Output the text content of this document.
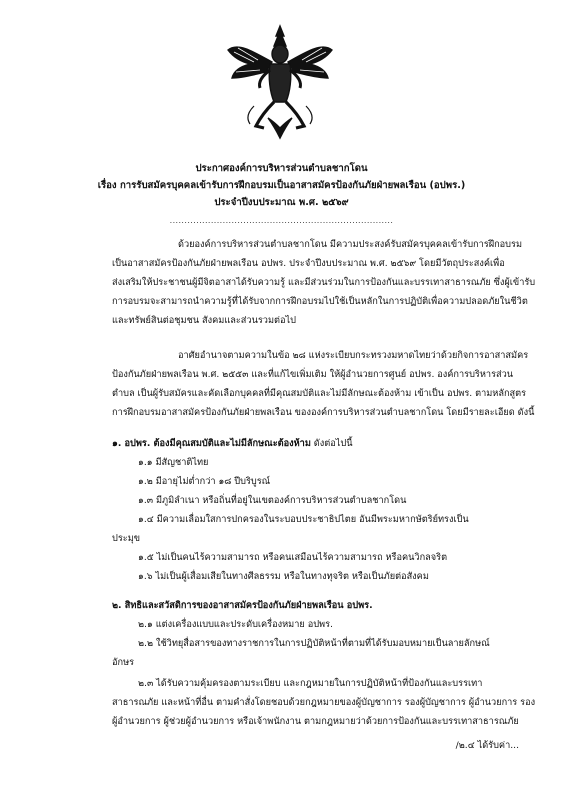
ประกาศองค์การบริหารส่วนตำบลชากโดน
เรื่อง การรับสมัครบุคคลเข้ารับการฝึกอบรมเป็นอาสาสมัครป้องกันภัยฝ่ายพลเรือน (อปพร.)
ประจำปีงบประมาณ พ.ศ. ๒๕๖๙
............................................................................
ด้วยองค์การบริหารส่วนตำบลชากโดน มีความประสงค์รับสมัครบุคคลเข้ารับการฝึกอบรม
เป็นอาสาสมัครป้องกันภัยฝ่ายพลเรือน อปพร. ประจำปีงบประมาณ พ.ศ. ๒๕๖๙ โดยมีวัตถุประสงค์เพื่อ
ส่งเสริมให้ประชาชนผู้มีจิตอาสาได้รับความรู้ และมีส่วนร่วมในการป้องกันและบรรเทาสาธารณภัย ซึ่งผู้เข้ารับ
การอบรมจะสามารถนำความรู้ที่ได้รับจากการฝึกอบรมไปใช้เป็นหลักในการปฏิบัติเพื่อความปลอดภัยในชีวิต
และทรัพย์สินต่อชุมชน สังคมและส่วนรวมต่อไป
อาศัยอำนาจตามความในข้อ ๒๘ แห่งระเบียบกระทรวงมหาดไทยว่าด้วยกิจการอาสาสมัคร
ป้องกันภัยฝ่ายพลเรือน พ.ศ. ๒๕๕๓ และที่แก้ไขเพิ่มเติม ให้ผู้อำนวยการศูนย์ อปพร. องค์การบริหารส่วน
ตำบล เป็นผู้รับสมัครและคัดเลือกบุคคลที่มีคุณสมบัติและไม่มีลักษณะต้องห้าม เข้าเป็น อปพร. ตามหลักสูตร
การฝึกอบรมอาสาสมัครป้องกันภัยฝ่ายพลเรือน ขององค์การบริหารส่วนตำบลชากโดน โดยมีรายละเอียด ดังนี้
๑. อปพร. ต้องมีคุณสมบัติและไม่มีลักษณะต้องห้าม ดังต่อไปนี้
๑.๑ มีสัญชาติไทย
๑.๒ มีอายุไม่ต่ำกว่า ๑๘ ปีบริบูรณ์
๑.๓ มีภูมิลำเนา หรือถิ่นที่อยู่ในเขตองค์การบริหารส่วนตำบลชากโดน
๑.๔ มีความเลื่อมใสการปกครองในระบอบประชาธิปไตย อันมีพระมหากษัตริย์ทรงเป็น
ประมุข
๑.๕ ไม่เป็นคนไร้ความสามารถ หรือคนเสมือนไร้ความสามารถ หรือคนวิกลจริต
๑.๖ ไม่เป็นผู้เสื่อมเสียในทางศีลธรรม หรือในทางทุจริต หรือเป็นภัยต่อสังคม
๒. สิทธิและสวัสดิการของอาสาสมัครป้องกันภัยฝ่ายพลเรือน อปพร.
๒.๑ แต่งเครื่องแบบและประดับเครื่องหมาย อปพร.
๒.๒ ใช้วิทยุสื่อสารของทางราชการในการปฏิบัติหน้าที่ตามที่ได้รับมอบหมายเป็นลายลักษณ์
อักษร
๒.๓ ได้รับความคุ้มครองตามระเบียบ และกฎหมายในการปฏิบัติหน้าที่ป้องกันและบรรเทา
สาธารณภัย และหน้าที่อื่น ตามคำสั่งโดยชอบด้วยกฎหมายของผู้บัญชาการ รองผู้บัญชาการ ผู้อำนวยการ รอง
ผู้อำนวยการ ผู้ช่วยผู้อำนวยการ หรือเจ้าพนักงาน ตามกฎหมายว่าด้วยการป้องกันและบรรเทาสาธารณภัย
/๒.๔ ได้รับค่า...
